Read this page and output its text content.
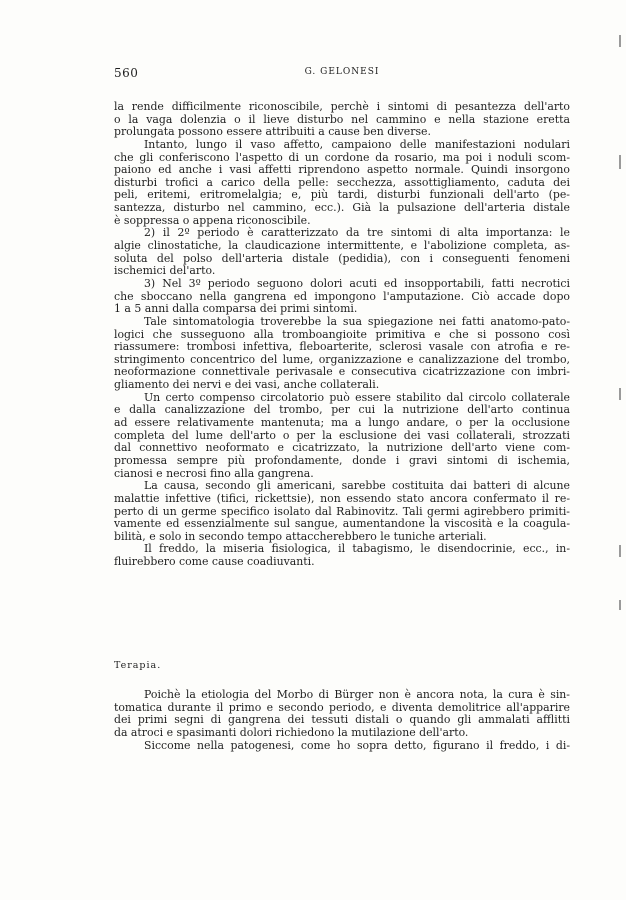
560	G. GELONESI
la rende difficilmente riconoscibile, perchè i sintomi di pesantezza dell'arto
o la vaga dolenzia o il lieve disturbo nel cammino e nella stazione eretta
prolungata possono essere attribuiti a cause ben diverse.
Intanto, lungo il vaso affetto, campaiono delle manifestazioni nodulari
che gli conferiscono l'aspetto di un cordone da rosario, ma poi i noduli scom-
paiono ed anche i vasi affetti riprendono aspetto normale. Quindi insorgono
disturbi trofici a carico della pelle: secchezza, assottigliamento, caduta dei
peli, eritemi, eritromelalgia; e, più tardi, disturbi funzionali dell'arto (pe-
santezza, disturbo nel cammino, ecc.). Già la pulsazione dell'arteria distale
è soppressa o appena riconoscibile.
2) il 2º periodo è caratterizzato da tre sintomi di alta importanza: le
algie clinostatiche, la claudicazione intermittente, e l'abolizione completa, as-
soluta del polso dell'arteria distale (pedidia), con i conseguenti fenomeni
ischemici del'arto.
3) Nel 3º periodo seguono dolori acuti ed insopportabili, fatti necrotici
che sboccano nella gangrena ed impongono l'amputazione. Ciò accade dopo
1 a 5 anni dalla comparsa dei primi sintomi.
Tale sintomatologia troverebbe la sua spiegazione nei fatti anatomo-pato-
logici che susseguono alla tromboangioite primitiva e che si possono così
riassumere: trombosi infettiva, fleboarterite, sclerosi vasale con atrofia e re-
stringimento concentrico del lume, organizzazione e canalizzazione del trombo,
neoformazione connettivale perivasale e consecutiva cicatrizzazione con imbri-
gliamento dei nervi e dei vasi, anche collaterali.
Un certo compenso circolatorio può essere stabilito dal circolo collaterale
e dalla canalizzazione del trombo, per cui la nutrizione dell'arto continua
ad essere relativamente mantenuta; ma a lungo andare, o per la occlusione
completa del lume dell'arto o per la esclusione dei vasi collaterali, strozzati
dal connettivo neoformato e cicatrizzato, la nutrizione dell'arto viene com-
promessa sempre più profondamente, donde i gravi sintomi di ischemia,
cianosi e necrosi fino alla gangrena.
La causa, secondo gli americani, sarebbe costituita dai batteri di alcune
malattie infettive (tifici, rickettsie), non essendo stato ancora confermato il re-
perto di un germe specifico isolato dal Rabinovitz. Tali germi agirebbero primiti-
vamente ed essenzialmente sul sangue, aumentandone la viscosità e la coagula-
bilità, e solo in secondo tempo attaccherebbero le tuniche arteriali.
Il freddo, la miseria fisiologica, il tabagismo, le disendocrinie, ecc., in-
fluirebbero come cause coadiuvanti.
Terapia.
Poichè la etiologia del Morbo di Bürger non è ancora nota, la cura è sin-
tomatica durante il primo e secondo periodo, e diventa demolitrice all'apparire
dei primi segni di gangrena dei tessuti distali o quando gli ammalati afflitti
da atroci e spasimanti dolori richiedono la mutilazione dell'arto.
Siccome nella patogenesi, come ho sopra detto, figurano il freddo, i di-
